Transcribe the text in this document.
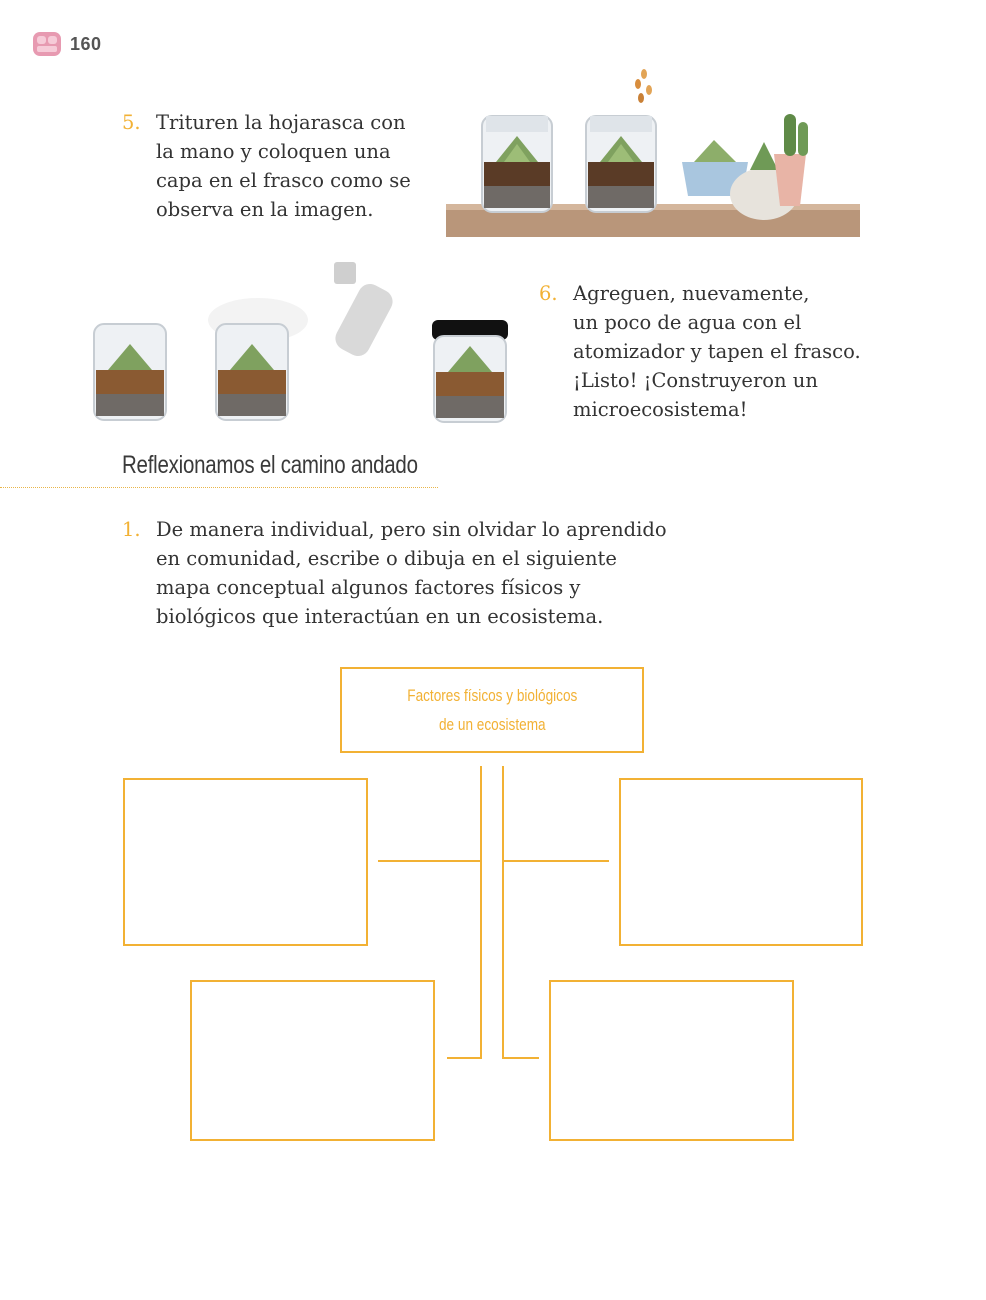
160
5. Trituren la hojarasca con
la mano y coloquen una
capa en el frasco como se
observa en la imagen.
6. Agreguen, nuevamente,
un poco de agua con el
atomizador y tapen el frasco.
¡Listo! ¡Construyeron un
microecosistema!
Reflexionamos el camino andado
1. De manera individual, pero sin olvidar lo aprendido
en comunidad, escribe o dibuja en el siguiente
mapa conceptual algunos factores físicos y
biológicos que interactúan en un ecosistema.
Factores físicos y biológicos
de un ecosistema
